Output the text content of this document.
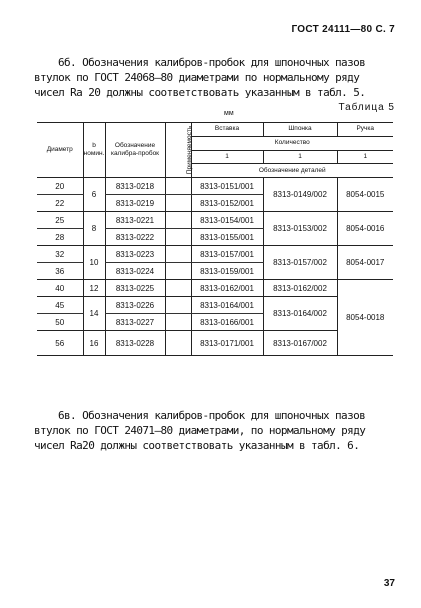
ГОСТ 24111—80 С. 7

6б. Обозначения калибров-пробок для шпоночных пазов втулок по ГОСТ 24068—80 диаметрами по нормальному ряду чисел Ra 20 должны соответствовать указанным в табл. 5.

мм
Таблица 5
Диаметр	b номин.	Обозначение калибра-пробок	Применяемость	Вставка	Шпонка	Ручка
				Количество		
				1	1	1
				Обозначение деталей		
20	6	8313-0218		8313-0151/001	8313-0149/002	8054-0015
22		8313-0219		8313-0152/001		
25	8	8313-0221		8313-0154/001	8313-0153/002	8054-0016
28		8313-0222		8313-0155/001		
32	10	8313-0223		8313-0157/001	8313-0157/002	8054-0017
36		8313-0224		8313-0159/001		
40	12	8313-0225		8313-0162/001	8313-0162/002	8054-0018
45	14	8313-0226		8313-0164/001	8313-0164/002	
50		8313-0227		8313-0166/001		
56	16	8313-0228		8313-0171/001	8313-0167/002	

6в. Обозначения калибров-пробок для шпоночных пазов втулок по ГОСТ 24071—80 диаметрами, по нормальному ряду чисел Ra20 должны соответствовать указанным в табл. 6.

37
